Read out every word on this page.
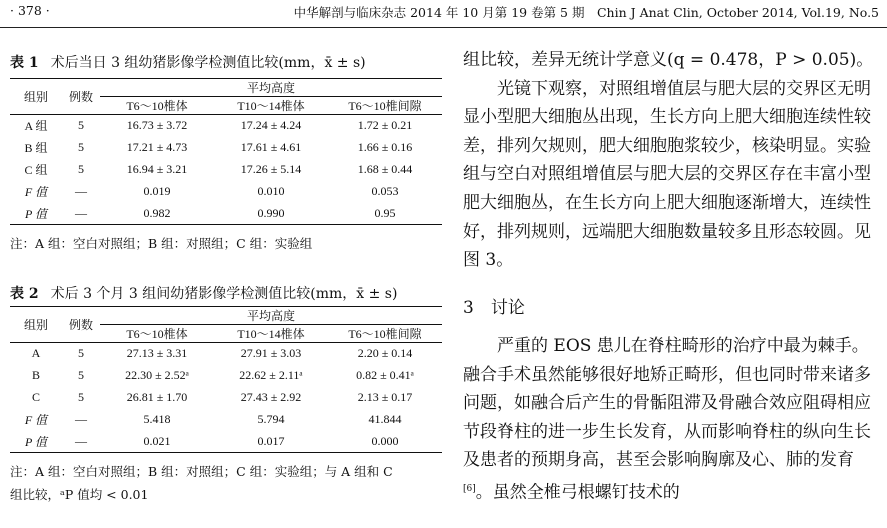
· 378 ·	中华解剖与临床杂志 2014 年 10 月第 19 卷第 5 期　Chin J Anat Clin, October 2014, Vol.19, No.5
表 1 术后当日 3 组幼猪影像学检测值比较(mm，x̄ ± s)
组别	例数	平均高度		
		T6～10椎体	T10～14椎体	T6～10椎间隙
A 组	5	16.73 ± 3.72	17.24 ± 4.24	1.72 ± 0.21
B 组	5	17.21 ± 4.73	17.61 ± 4.61	1.66 ± 0.16
C 组	5	16.94 ± 3.21	17.26 ± 5.14	1.68 ± 0.44
F 值	—	0.019	0.010	0.053
P 值	—	0.982	0.990	0.95
注：A 组：空白对照组；B 组：对照组；C 组：实验组
表 2 术后 3 个月 3 组间幼猪影像学检测值比较(mm，x̄ ± s)
组别	例数	平均高度		
		T6～10椎体	T10～14椎体	T6～10椎间隙
A	5	27.13 ± 3.31	27.91 ± 3.03	2.20 ± 0.14
B	5	22.30 ± 2.52ᵃ	22.62 ± 2.11ᵃ	0.82 ± 0.41ᵃ
C	5	26.81 ± 1.70	27.43 ± 2.92	2.13 ± 0.17
F 值	—	5.418	5.794	41.844
P 值	—	0.021	0.017	0.000
注：A 组：空白对照组；B 组：对照组；C 组：实验组；与 A 组和 C
组比较，ᵃP 值均 < 0.01

组比较，差异无统计学意义(q = 0.478，P > 0.05)。

光镜下观察，对照组增值层与肥大层的交界区无明显小型肥大细胞丛出现，生长方向上肥大细胞连续性较差，排列欠规则，肥大细胞胞浆较少，核染明显。实验组与空白对照组增值层与肥大层的交界区存在丰富小型肥大细胞丛，在生长方向上肥大细胞逐渐增大，连续性好，排列规则，远端肥大细胞数量较多且形态较圆。见图 3。

3　讨论

严重的 EOS 患儿在脊柱畸形的治疗中最为棘手。融合手术虽然能够很好地矫正畸形，但也同时带来诸多问题，如融合后产生的骨骺阻滞及骨融合效应阻碍相应节段脊柱的进一步生长发育，从而影响脊柱的纵向生长及患者的预期身高，甚至会影响胸廓及心、肺的发育[6]。虽然全椎弓根螺钉技术的
